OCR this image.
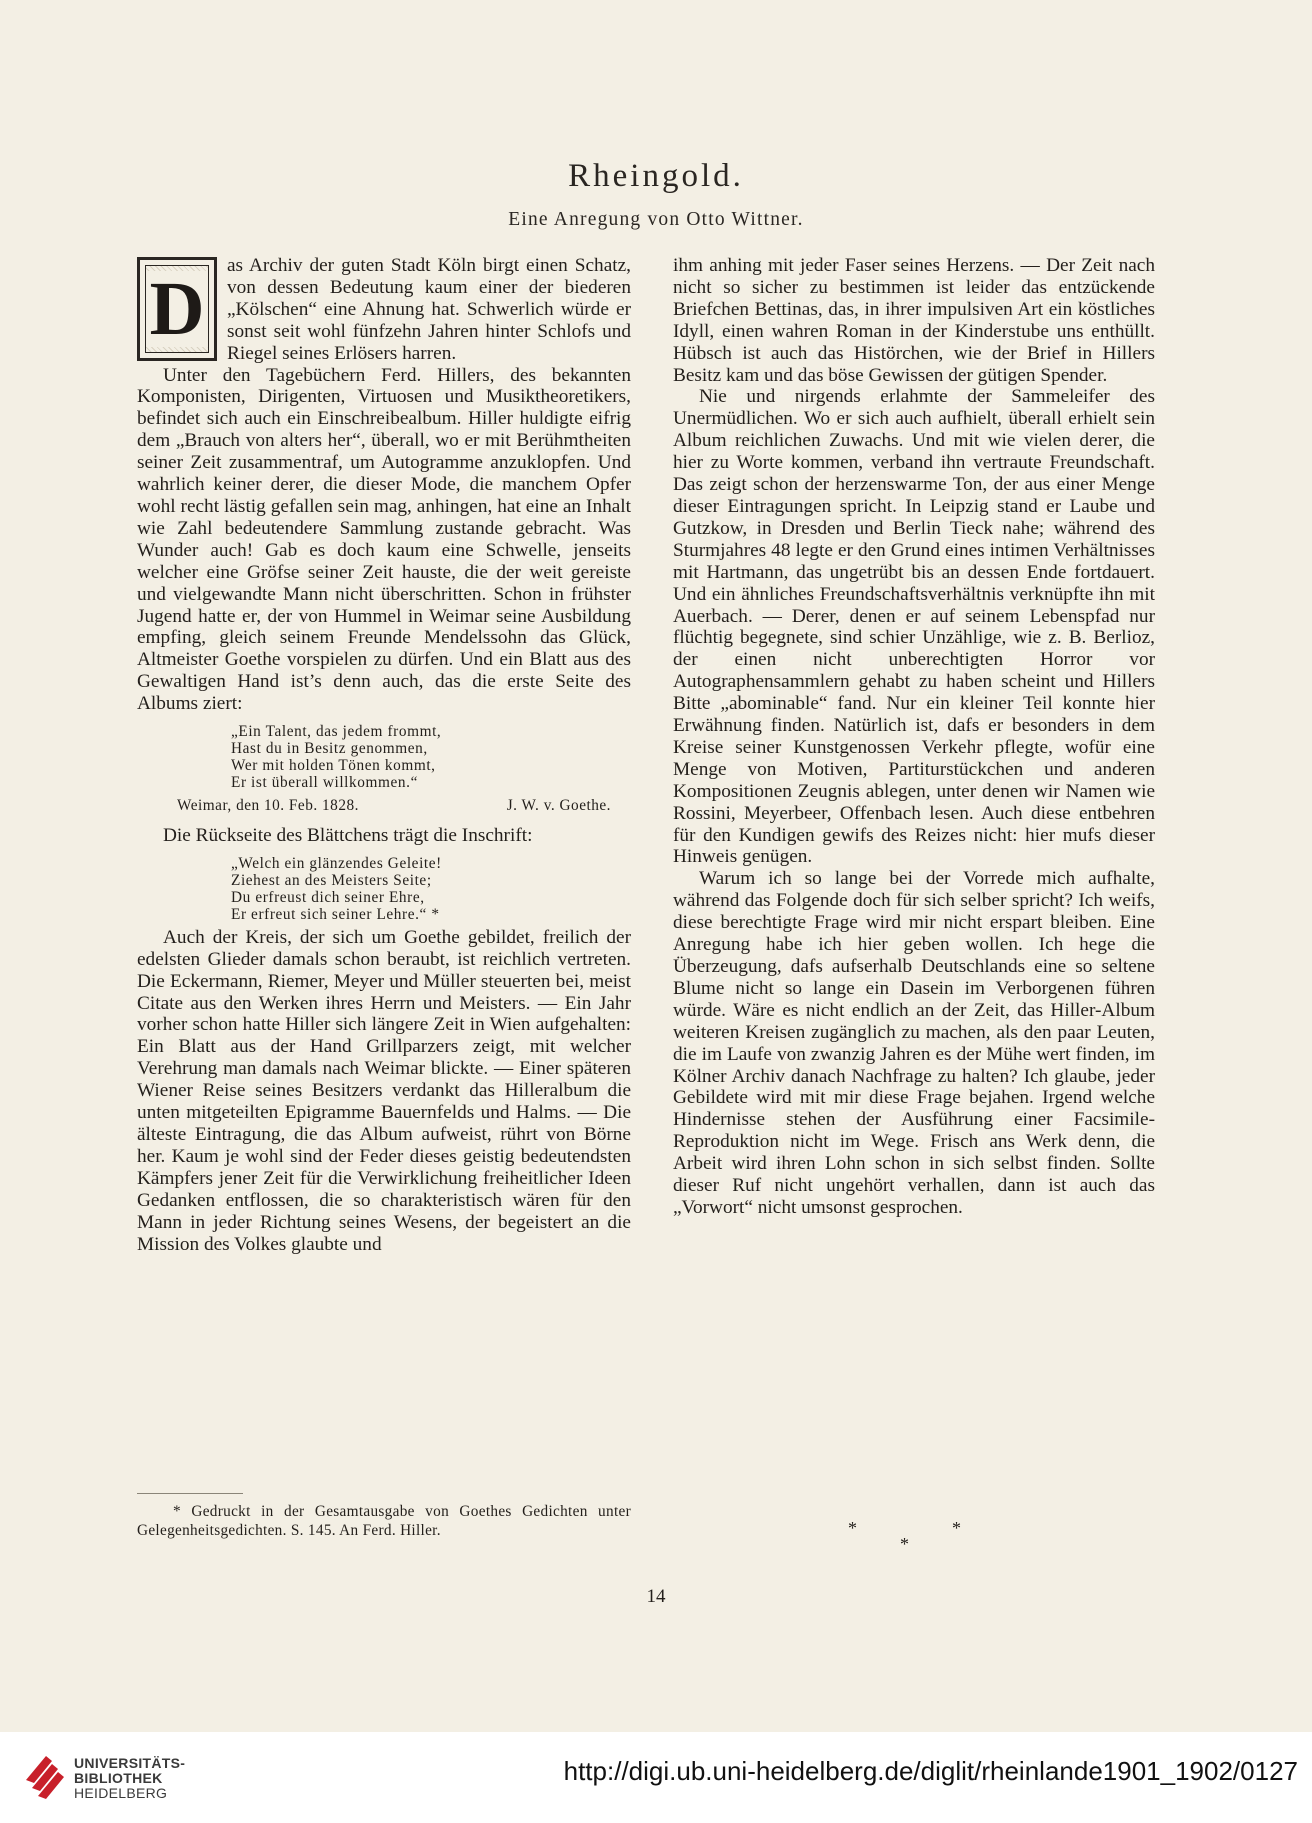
Rheingold.
Eine Anregung von Otto Wittner.
D

as Archiv der guten Stadt Köln birgt einen Schatz, von dessen Bedeutung kaum einer der biederen „Kölschen“ eine Ahnung hat. Schwerlich würde er sonst seit wohl fünfzehn Jahren hinter Schlofs und Riegel seines Erlösers harren.

Unter den Tagebüchern Ferd. Hillers, des bekannten Komponisten, Dirigenten, Virtuosen und Musiktheoretikers, befindet sich auch ein Einschreibealbum. Hiller huldigte eifrig dem „Brauch von alters her“, überall, wo er mit Berühmtheiten seiner Zeit zusammentraf, um Autogramme anzuklopfen. Und wahrlich keiner derer, die dieser Mode, die manchem Opfer wohl recht lästig gefallen sein mag, anhingen, hat eine an Inhalt wie Zahl bedeutendere Sammlung zustande gebracht. Was Wunder auch! Gab es doch kaum eine Schwelle, jenseits welcher eine Gröfse seiner Zeit hauste, die der weit gereiste und vielgewandte Mann nicht überschritten. Schon in frühster Jugend hatte er, der von Hummel in Weimar seine Ausbildung empfing, gleich seinem Freunde Mendelssohn das Glück, Altmeister Goethe vorspielen zu dürfen. Und ein Blatt aus des Gewaltigen Hand ist’s denn auch, das die erste Seite des Albums ziert:

„Ein Talent, das jedem frommt,
Hast du in Besitz genommen,
Wer mit holden Tönen kommt,
Er ist überall willkommen.“
Weimar, den 10. Feb. 1828.	J. W. v. Goethe.

Die Rückseite des Blättchens trägt die Inschrift:

„Welch ein glänzendes Geleite!
Ziehest an des Meisters Seite;
Du erfreust dich seiner Ehre,
Er erfreut sich seiner Lehre.“ *

Auch der Kreis, der sich um Goethe gebildet, freilich der edelsten Glieder damals schon beraubt, ist reichlich vertreten. Die Eckermann, Riemer, Meyer und Müller steuerten bei, meist Citate aus den Werken ihres Herrn und Meisters. — Ein Jahr vorher schon hatte Hiller sich längere Zeit in Wien aufgehalten: Ein Blatt aus der Hand Grillparzers zeigt, mit welcher Verehrung man damals nach Weimar blickte. — Einer späteren Wiener Reise seines Besitzers verdankt das Hilleralbum die unten mitgeteilten Epigramme Bauernfelds und Halms. — Die älteste Eintragung, die das Album aufweist, rührt von Börne her. Kaum je wohl sind der Feder dieses geistig bedeutendsten Kämpfers jener Zeit für die Verwirklichung freiheitlicher Ideen Gedanken entflossen, die so charakteristisch wären für den Mann in jeder Richtung seines Wesens, der begeistert an die Mission des Volkes glaubte und

* Gedruckt in der Gesamtausgabe von Goethes Gedichten unter Gelegenheitsgedichten. S. 145. An Ferd. Hiller.

ihm anhing mit jeder Faser seines Herzens. — Der Zeit nach nicht so sicher zu bestimmen ist leider das entzückende Briefchen Bettinas, das, in ihrer impulsiven Art ein köstliches Idyll, einen wahren Roman in der Kinderstube uns enthüllt. Hübsch ist auch das Histörchen, wie der Brief in Hillers Besitz kam und das böse Gewissen der gütigen Spender.

Nie und nirgends erlahmte der Sammeleifer des Unermüdlichen. Wo er sich auch aufhielt, überall erhielt sein Album reichlichen Zuwachs. Und mit wie vielen derer, die hier zu Worte kommen, verband ihn vertraute Freundschaft. Das zeigt schon der herzenswarme Ton, der aus einer Menge dieser Eintragungen spricht. In Leipzig stand er Laube und Gutzkow, in Dresden und Berlin Tieck nahe; während des Sturmjahres 48 legte er den Grund eines intimen Verhältnisses mit Hartmann, das ungetrübt bis an dessen Ende fortdauert. Und ein ähnliches Freundschaftsverhältnis verknüpfte ihn mit Auerbach. — Derer, denen er auf seinem Lebenspfad nur flüchtig begegnete, sind schier Unzählige, wie z. B. Berlioz, der einen nicht unberechtigten Horror vor Autographensammlern gehabt zu haben scheint und Hillers Bitte „abominable“ fand. Nur ein kleiner Teil konnte hier Erwähnung finden. Natürlich ist, dafs er besonders in dem Kreise seiner Kunstgenossen Verkehr pflegte, wofür eine Menge von Motiven, Partiturstückchen und anderen Kompositionen Zeugnis ablegen, unter denen wir Namen wie Rossini, Meyerbeer, Offenbach lesen. Auch diese entbehren für den Kundigen gewifs des Reizes nicht: hier mufs dieser Hinweis genügen.

Warum ich so lange bei der Vorrede mich aufhalte, während das Folgende doch für sich selber spricht? Ich weifs, diese berechtigte Frage wird mir nicht erspart bleiben. Eine Anregung habe ich hier geben wollen. Ich hege die Überzeugung, dafs aufserhalb Deutschlands eine so seltene Blume nicht so lange ein Dasein im Verborgenen führen würde. Wäre es nicht endlich an der Zeit, das Hiller-Album weiteren Kreisen zugänglich zu machen, als den paar Leuten, die im Laufe von zwanzig Jahren es der Mühe wert finden, im Kölner Archiv danach Nachfrage zu halten? Ich glaube, jeder Gebildete wird mit mir diese Frage bejahen. Irgend welche Hindernisse stehen der Ausführung einer Facsimile-Reproduktion nicht im Wege. Frisch ans Werk denn, die Arbeit wird ihren Lohn schon in sich selbst finden. Sollte dieser Ruf nicht ungehört verhallen, dann ist auch das „Vorwort“ nicht umsonst gesprochen.

*	*
*
14
UNIVERSITÄTS-
BIBLIOTHEK
HEIDELBERG
http://digi.ub.uni-heidelberg.de/diglit/rheinlande1901_1902/0127
